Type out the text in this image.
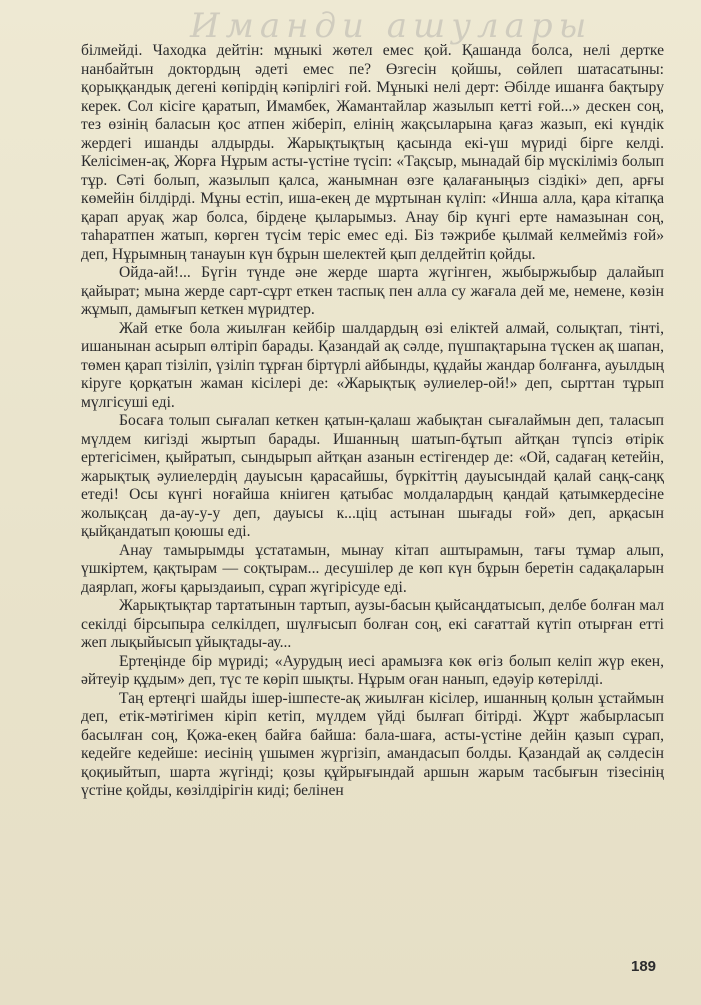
Иманди ашулары

білмейді. Чаходка дейтін: мұныкі жөтел емес қой. Қашанда болса, нелі дертке нанбайтын доктордың әдеті емес пе? Өзгесін қойшы, сөйлеп шатасатыны: қорыққандық дегені көпірдің кәпірлігі ғой. Мұныкі нелі дерт: Әбілде ишанға бақтыру керек. Сол кісіге қаратып, Имамбек, Жамантайлар жазылып кетті ғой...» дескен соң, тез өзінің баласын қос атпен жіберіп, елінің жақсыларына қағаз жазып, екі күндік жердегі ишанды алдырды. Жарықтықтың қасында екі-үш мүриді бірге келді. Келісімен-ақ, Жорға Нұрым асты-үстіне түсіп: «Тақсыр, мынадай бір мүскіліміз болып тұр. Сәті болып, жазылып қалса, жанымнан өзге қалағаныңыз сіздікі» деп, арғы көмейін білдірді. Мұны естіп, иша-екең де мұртынан күліп: «Иншa алла, қара кітапқа қарап аруақ жар болса, бірдеңе қыларымыз. Анау бір күнгі ерте намазынан соң, таһаратпен жатып, көрген түсім теріс емес еді. Біз тәжрибе қылмай келмейміз ғой» деп, Нұрымның танауын күн бұрын шелектей қып делдейтіп қойды.

Ойда-ай!... Бүгін түнде әне жерде шарта жүгінген, жыбыржыбыр далайып қайырат; мына жерде сарт-сұрт еткен таспық пен алла су жағала дей ме, немене, көзін жұмып, дамығып кеткен мүридтер.

Жай етке бола жиылған кейбір шалдардың өзі еліктей алмай, солықтап, тінті, ишанынан асырып өлтіріп барады. Қазандай ақ сәлде, пүшпақтарына түскен ақ шапан, төмен қарап тізіліп, үзіліп тұрған біртүрлі айбынды, құдайы жандар болғанға, ауылдың кіруге қорқатын жаман кісілері де: «Жарықтық әулиелер-ой!» деп, сырттан тұрып мүлгісуші еді.

Босаға толып сығалап кеткен қатын-қалаш жабықтан сығалаймын деп, таласып мүлдем кигізді жыртып барады. Ишанның шатып-бұтып айтқан түпсіз өтірік ертегісімен, қыйратып, сындырып айтқан азанын естігендер де: «Ой, садағаң кетейін, жарықтық әулиелердің дауысын қарасайшы, бүркіттің дауысындай қалай саңқ-саңқ етеді! Осы күнгі ноғайша кніиген қатыбас молдалардың қандай қатымкердесіне жолықсаң да-ау-у-у деп, дауысы к...ціц астынан шығады ғой» деп, арқасын қыйқандатып қоюшы еді.

Анау тамырымды ұстатамын, мынау кітап аштырамын, тағы тұмар алып, үшкіртем, қақтырам — соқтырам... десушілер де көп күн бұрын беретін садақаларын даярлап, жоғы қарыздаиып, сұрап жүгірісуде еді.

Жарықтықтар тартатынын тартып, аузы-басын қыйсаңдатысып, делбе болған мал секілді бірсыпыра селкілдеп, шүлғысып болған соң, екі сағаттай күтіп отырған етті жеп лықыйысып ұйықтады-ау...

Ертеңінде бір мүриді; «Аурудың иесі арамызға көк өгіз болып келіп жүр екен, әйтеуір құдым» деп, түс те көріп шықты. Нұрым оған нанып, едәуір көтерілді.

Таң ертеңгі шайды ішер-ішпесте-ақ жиылған кісілер, ишанның қолын ұстаймын деп, етік-мәтігімен кіріп кетіп, мүлдем үйді былғап бітірді. Жұрт жабырласып басылған соң, Қожа-екең байға байша: бала-шаға, асты-үстіне дейін қазып сұрап, кедейге кедейше: иесінің үшымен жүргізіп, амандасып болды. Қазандай ақ сәлдесін қоқиыйтып, шарта жүгінді; қозы құйрығындай аршын жарым тасбығын тізесінің үстіне қойды, көзілдірігін киді; белінен

189
